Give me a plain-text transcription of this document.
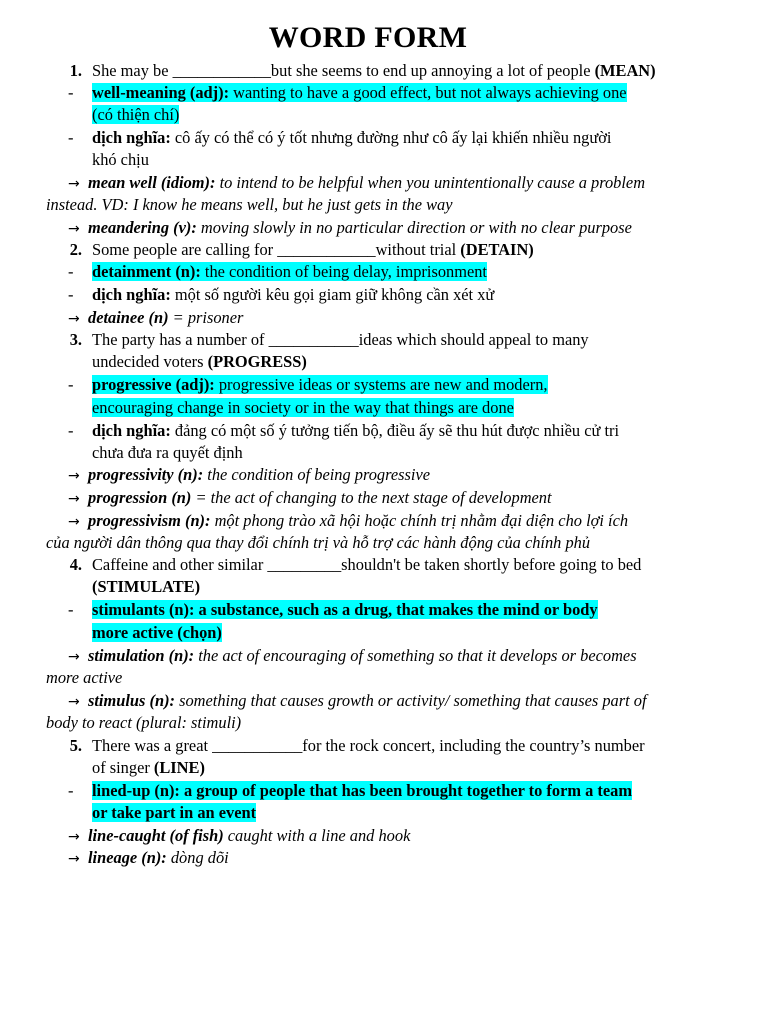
WORD FORM
1. She may be ____________but she seems to end up annoying a lot of people (MEAN)
- well-meaning (adj): wanting to have a good effect, but not always achieving one
(có thiện chí)
- dịch nghĩa: cô ấy có thể có ý tốt nhưng đường như cô ấy lại khiến nhiều người
khó chịu
→ mean well (idiom): to intend to be helpful when you unintentionally cause a problem
instead. VD: I know he means well, but he just gets in the way
→ meandering (v): moving slowly in no particular direction or with no clear purpose
2. Some people are calling for ____________without trial (DETAIN)
- detainment (n): the condition of being delay, imprisonment
- dịch nghĩa: một số người kêu gọi giam giữ không cần xét xử
→ detainee (n) = prisoner
3. The party has a number of ___________ideas which should appeal to many
undecided voters (PROGRESS)
- progressive (adj): progressive ideas or systems are new and modern,
encouraging change in society or in the way that things are done
- dịch nghĩa: đảng có một số ý tưởng tiến bộ, điều ấy sẽ thu hút được nhiều cử tri
chưa đưa ra quyết định
→ progressivity (n): the condition of being progressive
→ progression (n) = the act of changing to the next stage of development
→ progressivism (n): một phong trào xã hội hoặc chính trị nhằm đại diện cho lợi ích
của người dân thông qua thay đổi chính trị và hỗ trợ các hành động của chính phủ
4. Caffeine and other similar _________shouldn't be taken shortly before going to bed
(STIMULATE)
- stimulants (n): a substance, such as a drug, that makes the mind or body
more active (chọn)
→ stimulation (n): the act of encouraging of something so that it develops or becomes
more active
→ stimulus (n): something that causes growth or activity/ something that causes part of
body to react (plural: stimuli)
5. There was a great ___________for the rock concert, including the country’s number
of singer (LINE)
- lined-up (n): a group of people that has been brought together to form a team
or take part in an event
→ line-caught (of fish) caught with a line and hook
→ lineage (n): dòng dõi
